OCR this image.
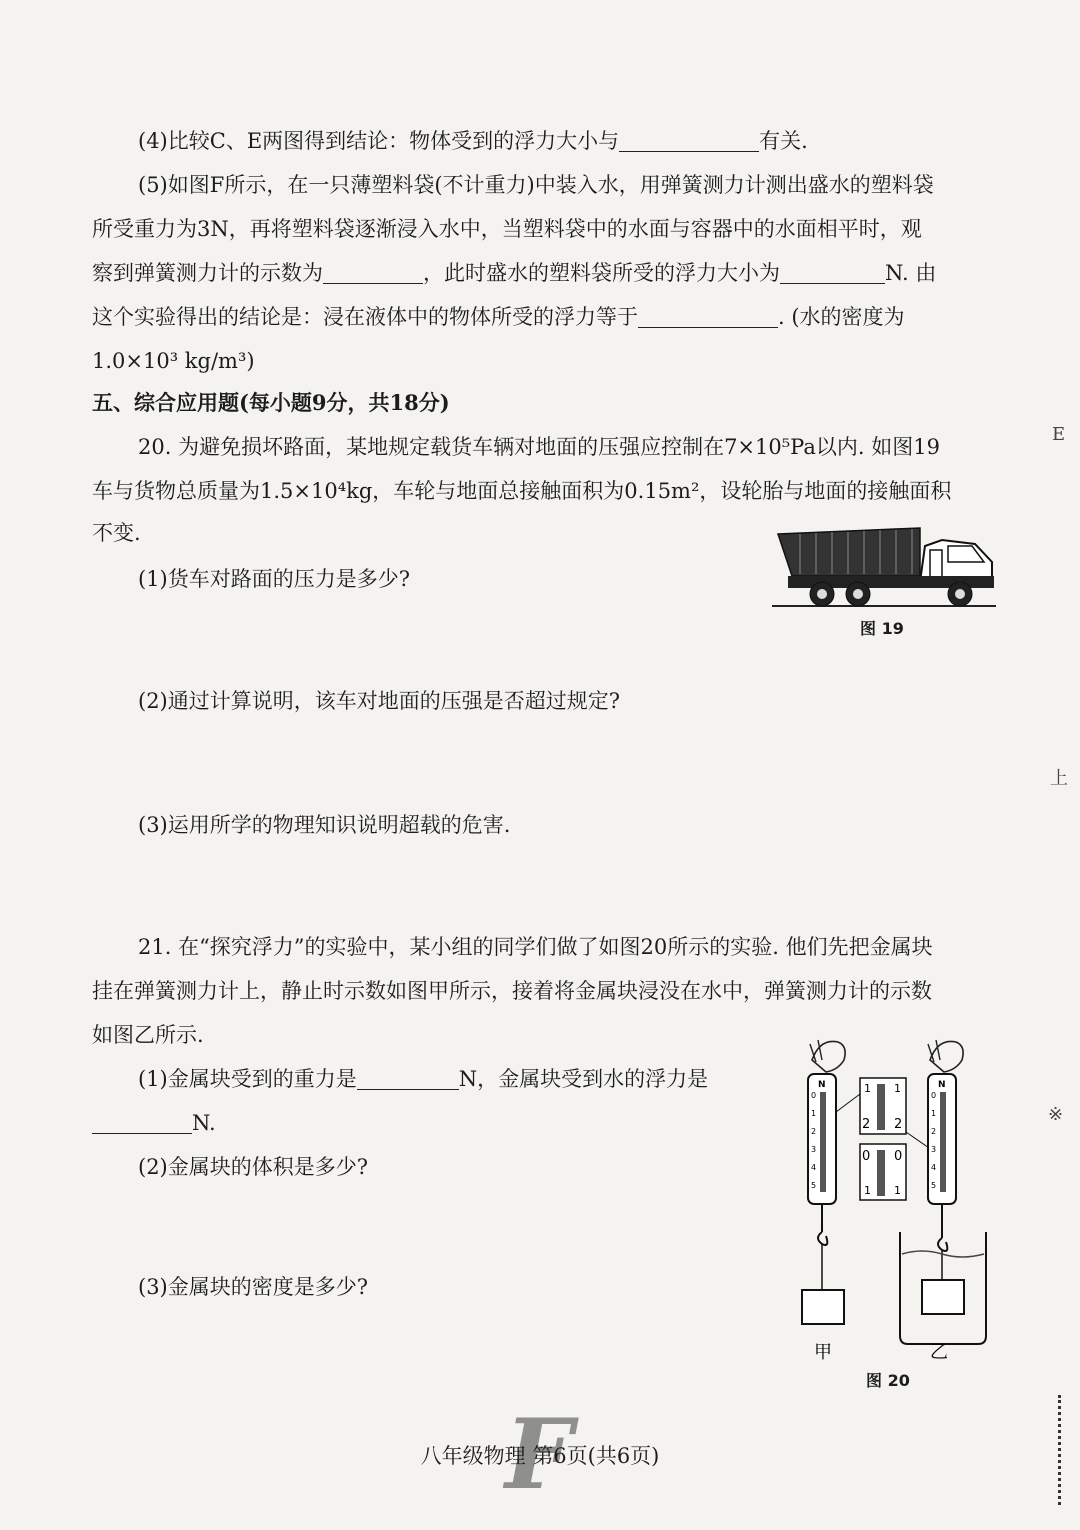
(4)比较C、E两图得到结论：物体受到的浮力大小与	有关.
(5)如图F所示，在一只薄塑料袋(不计重力)中装入水，用弹簧测力计测出盛水的塑料袋
所受重力为3N，再将塑料袋逐渐浸入水中，当塑料袋中的水面与容器中的水面相平时，观
察到弹簧测力计的示数为	，此时盛水的塑料袋所受的浮力大小为	N. 由
这个实验得出的结论是：浸在液体中的物体所受的浮力等于	. (水的密度为
1.0×10³ kg/m³)
五、综合应用题(每小题9分，共18分)
20. 为避免损坏路面，某地规定载货车辆对地面的压强应控制在7×10⁵Pa以内. 如图19
车与货物总质量为1.5×10⁴kg，车轮与地面总接触面积为0.15m²，设轮胎与地面的接触面积
不变.
(1)货车对路面的压力是多少?
(2)通过计算说明，该车对地面的压强是否超过规定?
(3)运用所学的物理知识说明超载的危害.
图 19
21. 在“探究浮力”的实验中，某小组的同学们做了如图20所示的实验. 他们先把金属块
挂在弹簧测力计上，静止时示数如图甲所示，接着将金属块浸没在水中，弹簧测力计的示数
如图乙所示.
(1)金属块受到的重力是	N，金属块受到水的浮力是
N.
(2)金属块的体积是多少?
(3)金属块的密度是多少?
N
0
1
2
3
4
5
甲
1 1
2 2
0 0
1 1
N
0
1
2
3
4
5
乙
图 20
F
八年级物理 第6页(共6页)
E
上
※
